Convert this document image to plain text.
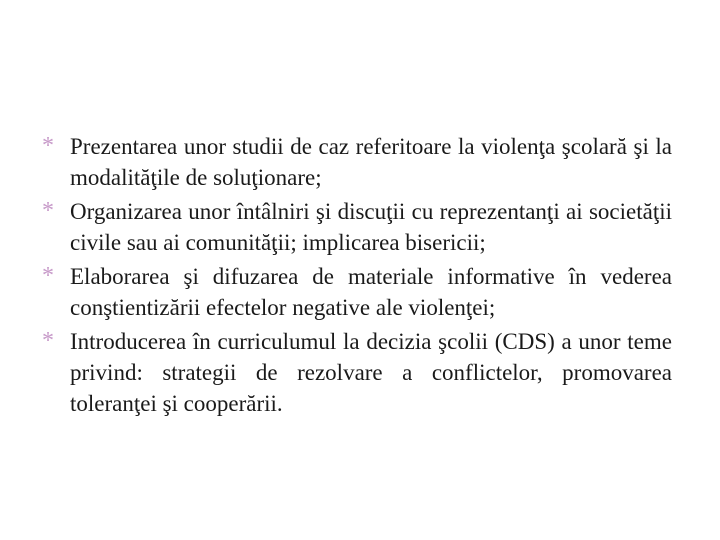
* Prezentarea unor studii de caz referitoare la violenţa şcolară şi la modalităţile de soluţionare;
* Organizarea unor întâlniri şi discuţii cu reprezentanţi ai societăţii civile sau ai comunităţii; implicarea bisericii;
* Elaborarea şi difuzarea de materiale informative în vederea conştientizării efectelor negative ale violenţei;
* Introducerea în curriculumul la decizia şcolii (CDS) a unor teme privind: strategii de rezolvare a conflictelor, promovarea toleranţei şi cooperării.
